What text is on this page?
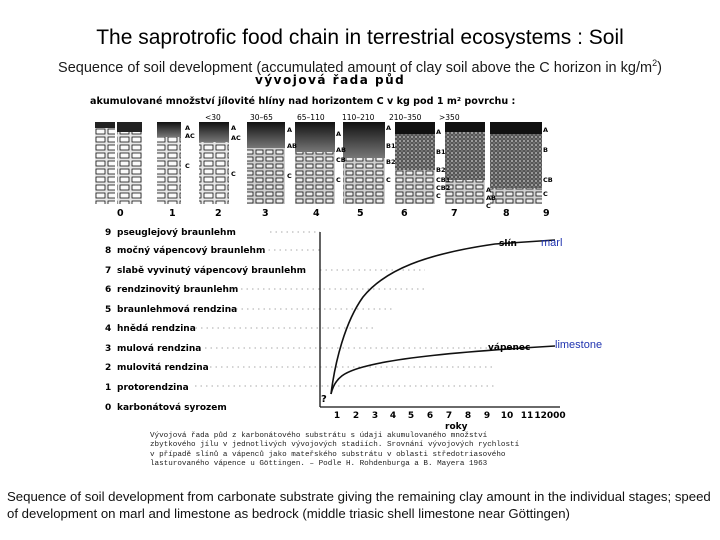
The saprotrofic food chain in terrestrial ecosystems : Soil
Sequence of soil development (accumulated amount of clay soil above the C horizon in $kg/m^2$)
vývojová řada půd
akumulované množství jílovité hlíny nad horizontem C v kg pod 1 m² povrchu :
<30	30–65	65–110 110–210 210–350 >350
A
AC
C
A
AC
C
A
AB
C
A
AB
CB
C
A
B1
B2
C
A
B1
B2
CB1
CB2
C
A
B
CB
C
A
AB
C
0	1	2	3	4	5	6	7	8	9
9 pseuglejový braunlehm
8 močný vápencový braunlehm
7 slabě vyvinutý vápencový braunlehm
6 rendzinovitý braunlehm
5 braunlehmová rendzina
4 hnědá rendzina
3 mulová rendzina
2 mulovitá rendzina
1 protorendzina
0 karbonátová syrozem
slín marl
vápenec limestone
?
1 2 3 4 5 6 7 8 9 10 11 12000
roky
Vývojová řada půd z karbonátového substrátu s údaji akumulovaného množství zbytkového jílu v jednotlivých vývojových stadiích. Srovnání vývojových rychlostí v případě slínů a vápenců jako mateřského substrátu v oblasti středotriasového lasturovaného vápence u Göttingen. – Podle H. Rohdenburga a B. Mayera 1963
Sequence of soil development from carbonate substrate giving the remaining clay amount in the individual stages; speed of development on marl and limestone as bedrock (middle triasic shell limestone near Göttingen)
